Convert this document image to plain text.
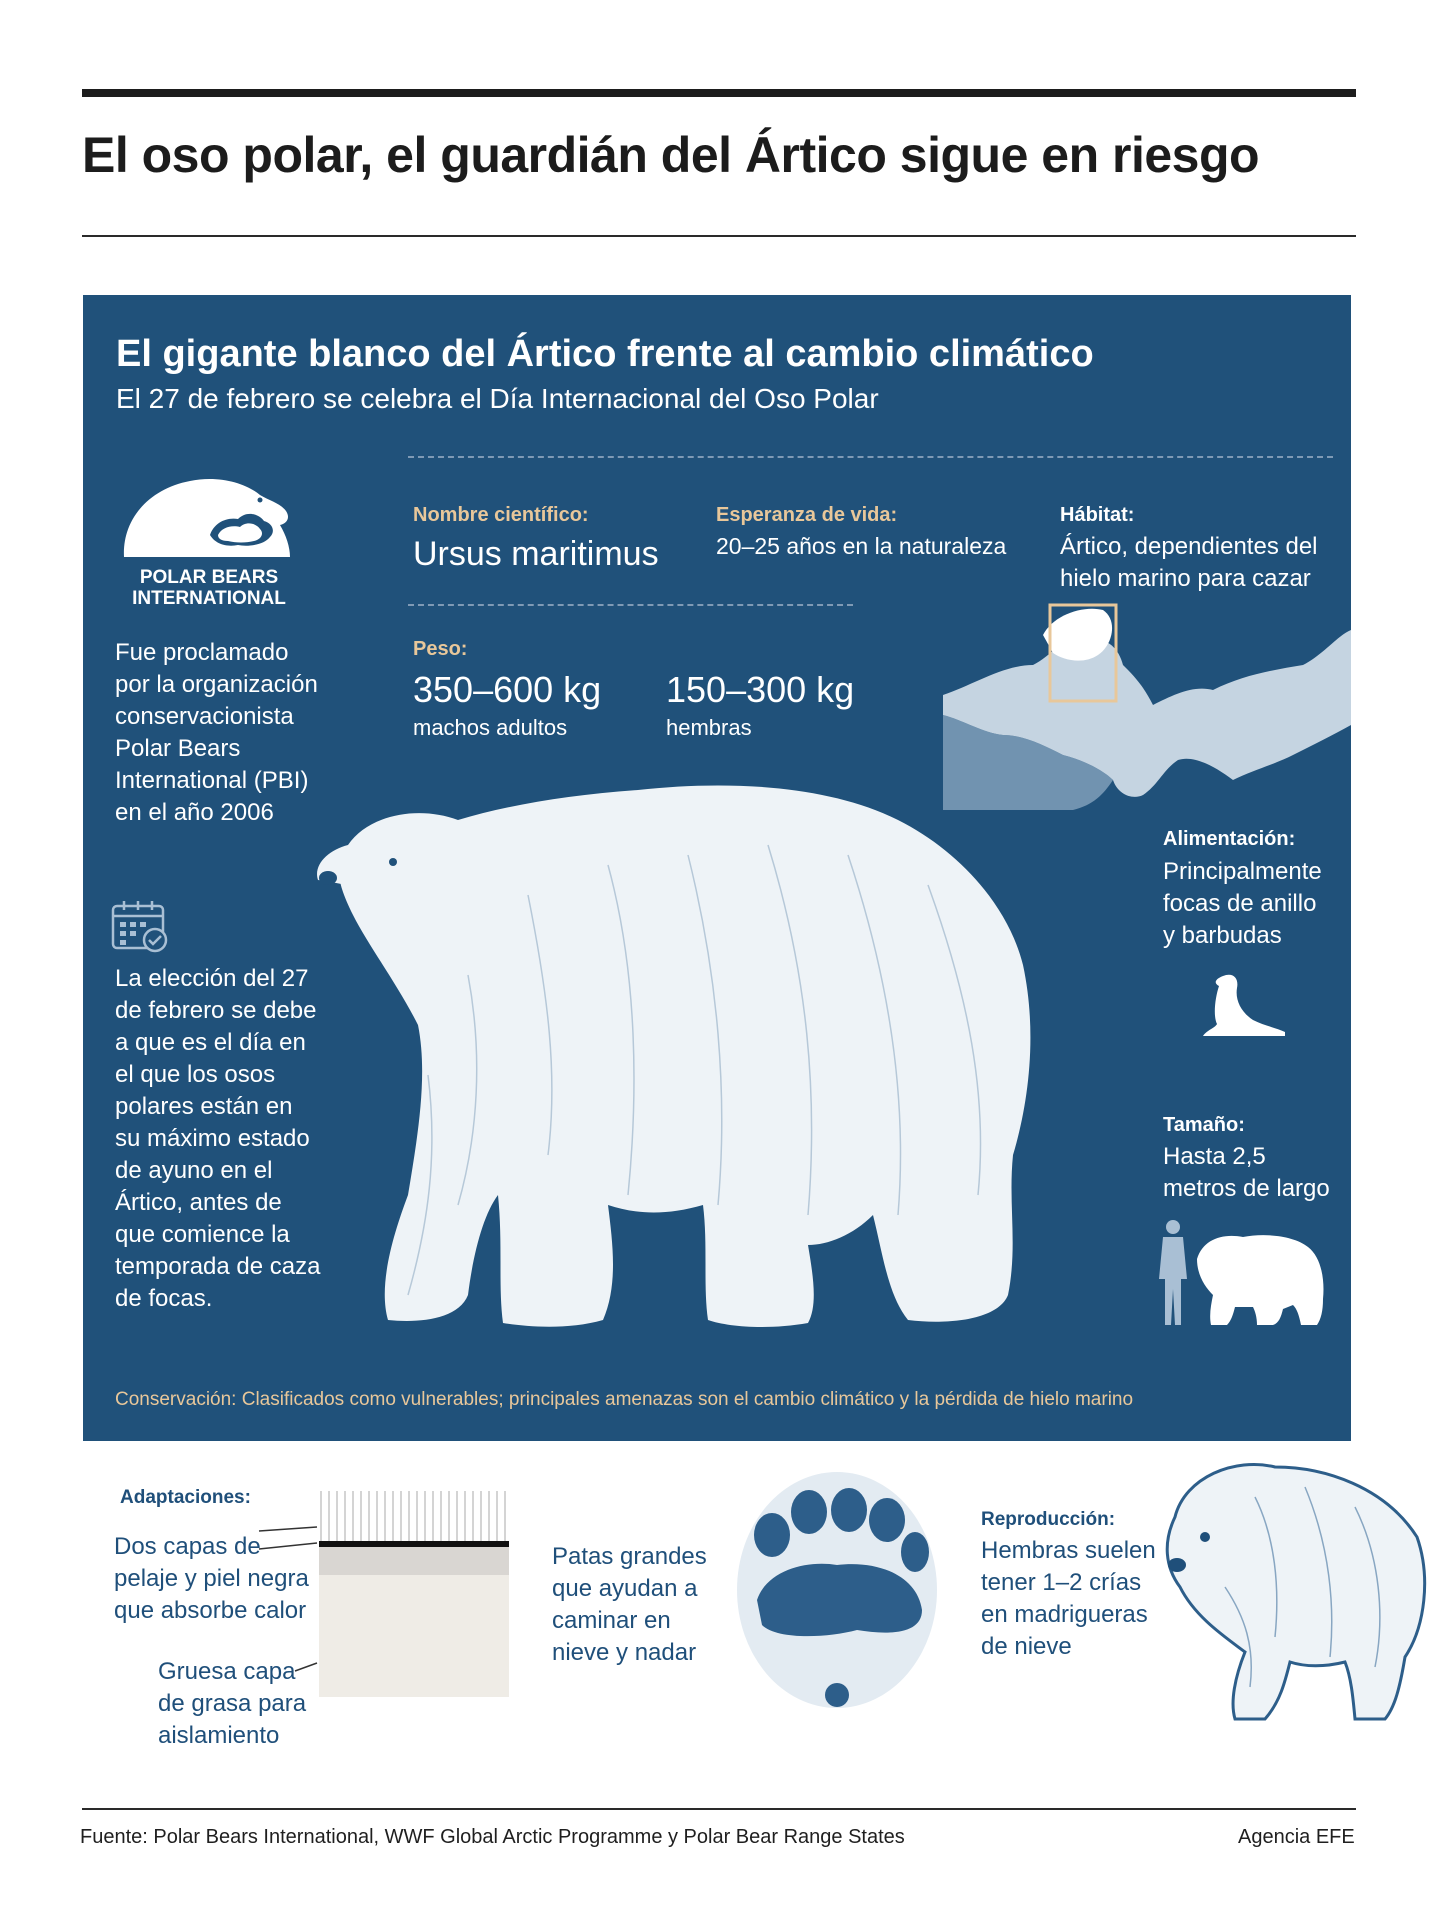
El oso polar, el guardián del Ártico sigue en riesgo
El gigante blanco del Ártico frente al cambio climático
El 27 de febrero se celebra el Día Internacional del Oso Polar
POLAR BEARS INTERNATIONAL
Fue proclamado
por la organización
conservacionista
Polar Bears
International (PBI)
en el año 2006
La elección del 27
de febrero se debe
a que es el día en
el que los osos
polares están en
su máximo estado
de ayuno en el
Ártico, antes de
que comience la
temporada de caza
de focas.
Nombre científico:
Ursus maritimus
Esperanza de vida:
20–25 años en la naturaleza
Hábitat:
Ártico, dependientes del
hielo marino para cazar
Peso:
350–600 kg
machos adultos
150–300 kg
hembras
Alimentación:
Principalmente
focas de anillo
y barbudas
Tamaño:
Hasta 2,5
metros de largo
Conservación: Clasificados como vulnerables; principales amenazas son el cambio climático y la pérdida de hielo marino
Adaptaciones:
Dos capas de
pelaje y piel negra
que absorbe calor
Gruesa capa
de grasa para
aislamiento
Patas grandes
que ayudan a
caminar en
nieve y nadar
Reproducción:
Hembras suelen
tener 1–2 crías
en madrigueras
de nieve
Fuente: Polar Bears International, WWF Global Arctic Programme y Polar Bear Range States	Agencia EFE
